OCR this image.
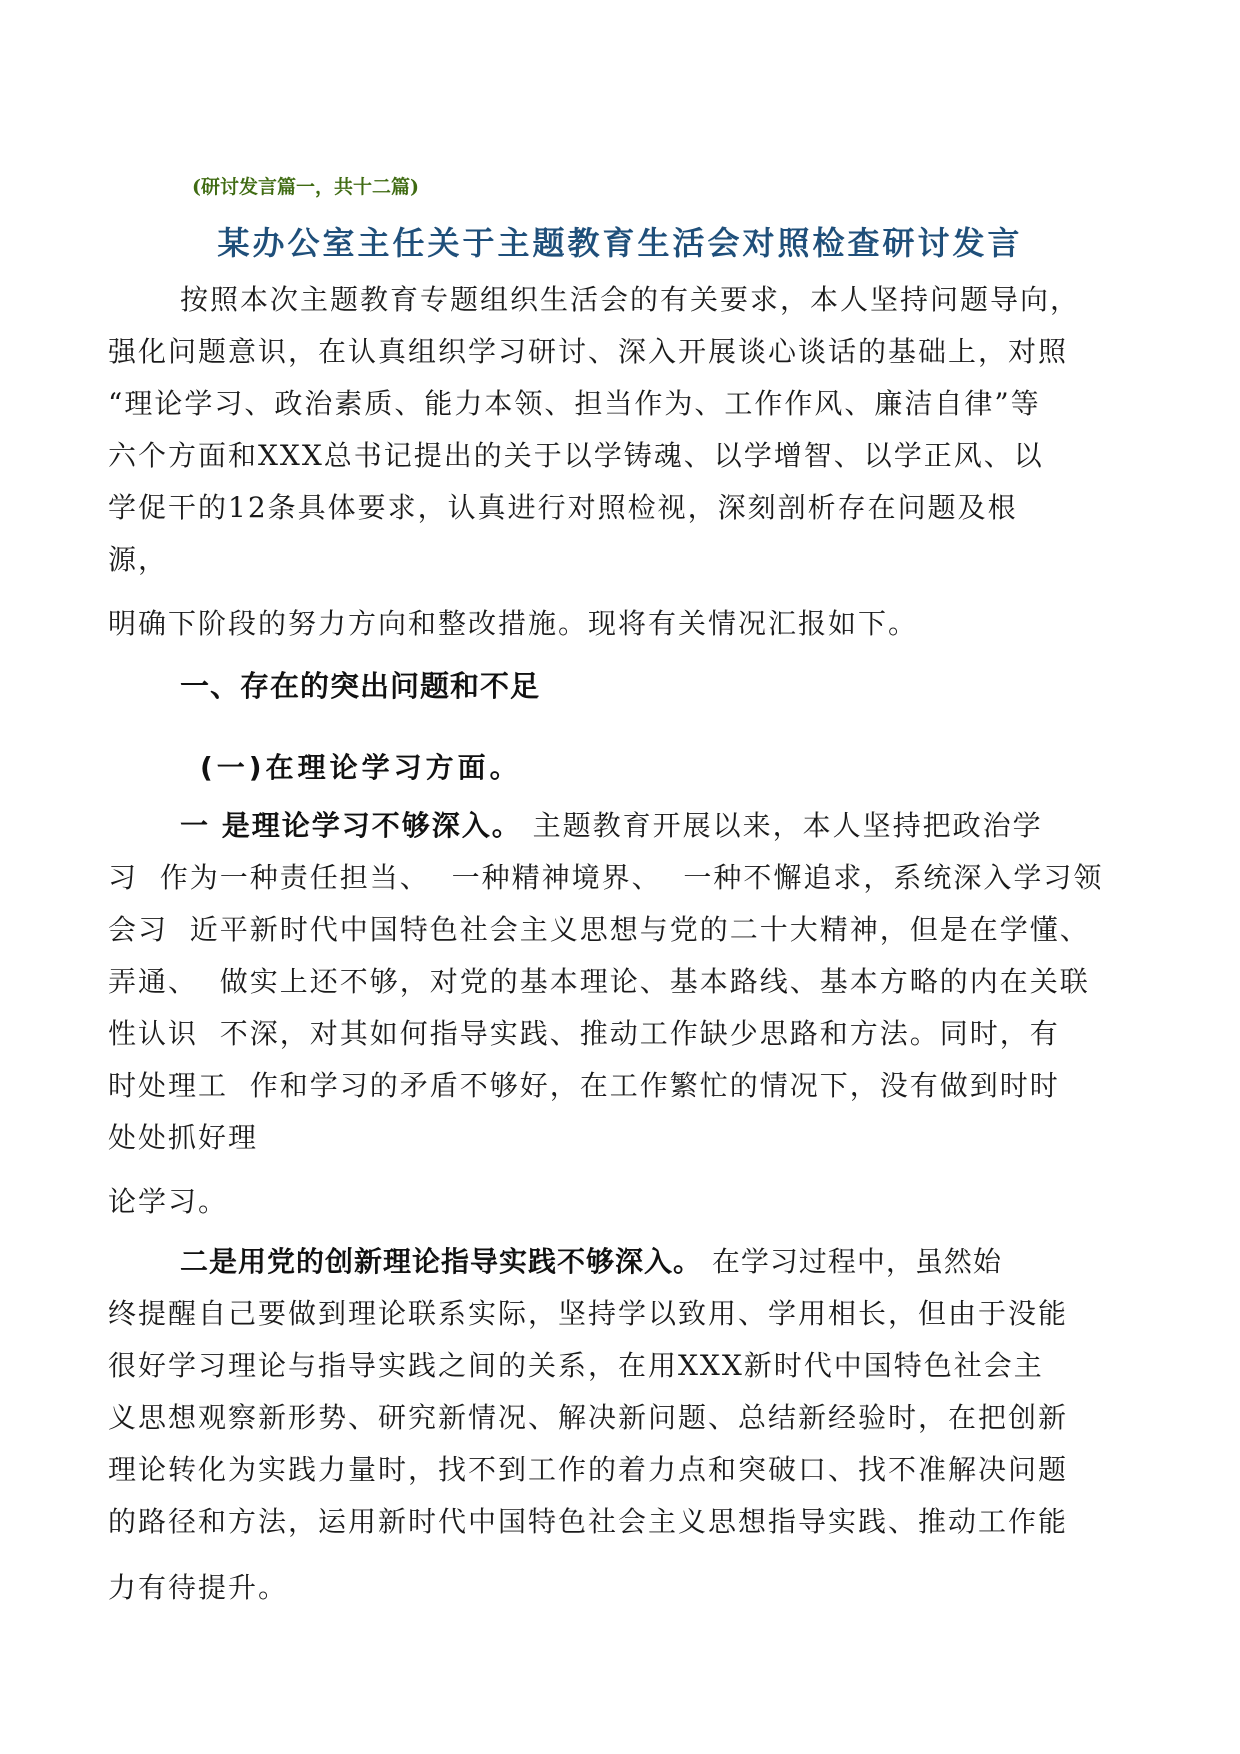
(研讨发言篇一，共十二篇)
某办公室主任关于主题教育生活会对照检查研讨发言
按照本次主题教育专题组织生活会的有关要求，本人坚持问题导向，
强化问题意识，在认真组织学习研讨、深入开展谈心谈话的基础上，对照
“理论学习、政治素质、能力本领、担当作为、工作作风、廉洁自律”等
六个方面和XXX总书记提出的关于以学铸魂、以学增智、以学正风、以
学促干的12条具体要求，认真进行对照检视，深刻剖析存在问题及根
源，
明确下阶段的努力方向和整改措施。现将有关情况汇报如下。
一、存在的突出问题和不足
(一)在理论学习方面。
一 是理论学习不够深入。 主题教育开展以来，本人坚持把政治学
习  作为一种责任担当、  一种精神境界、  一种不懈追求，系统深入学习领
会习  近平新时代中国特色社会主义思想与党的二十大精神，但是在学懂、
弄通、  做实上还不够，对党的基本理论、基本路线、基本方略的内在关联
性认识  不深，对其如何指导实践、推动工作缺少思路和方法。同时，有
时处理工  作和学习的矛盾不够好，在工作繁忙的情况下，没有做到时时
处处抓好理
论学习。
二是用党的创新理论指导实践不够深入。 在学习过程中，虽然始
终提醒自己要做到理论联系实际，坚持学以致用、学用相长，但由于没能
很好学习理论与指导实践之间的关系，在用XXX新时代中国特色社会主
义思想观察新形势、研究新情况、解决新问题、总结新经验时，在把创新
理论转化为实践力量时，找不到工作的着力点和突破口、找不准解决问题
的路径和方法，运用新时代中国特色社会主义思想指导实践、推动工作能
力有待提升。
